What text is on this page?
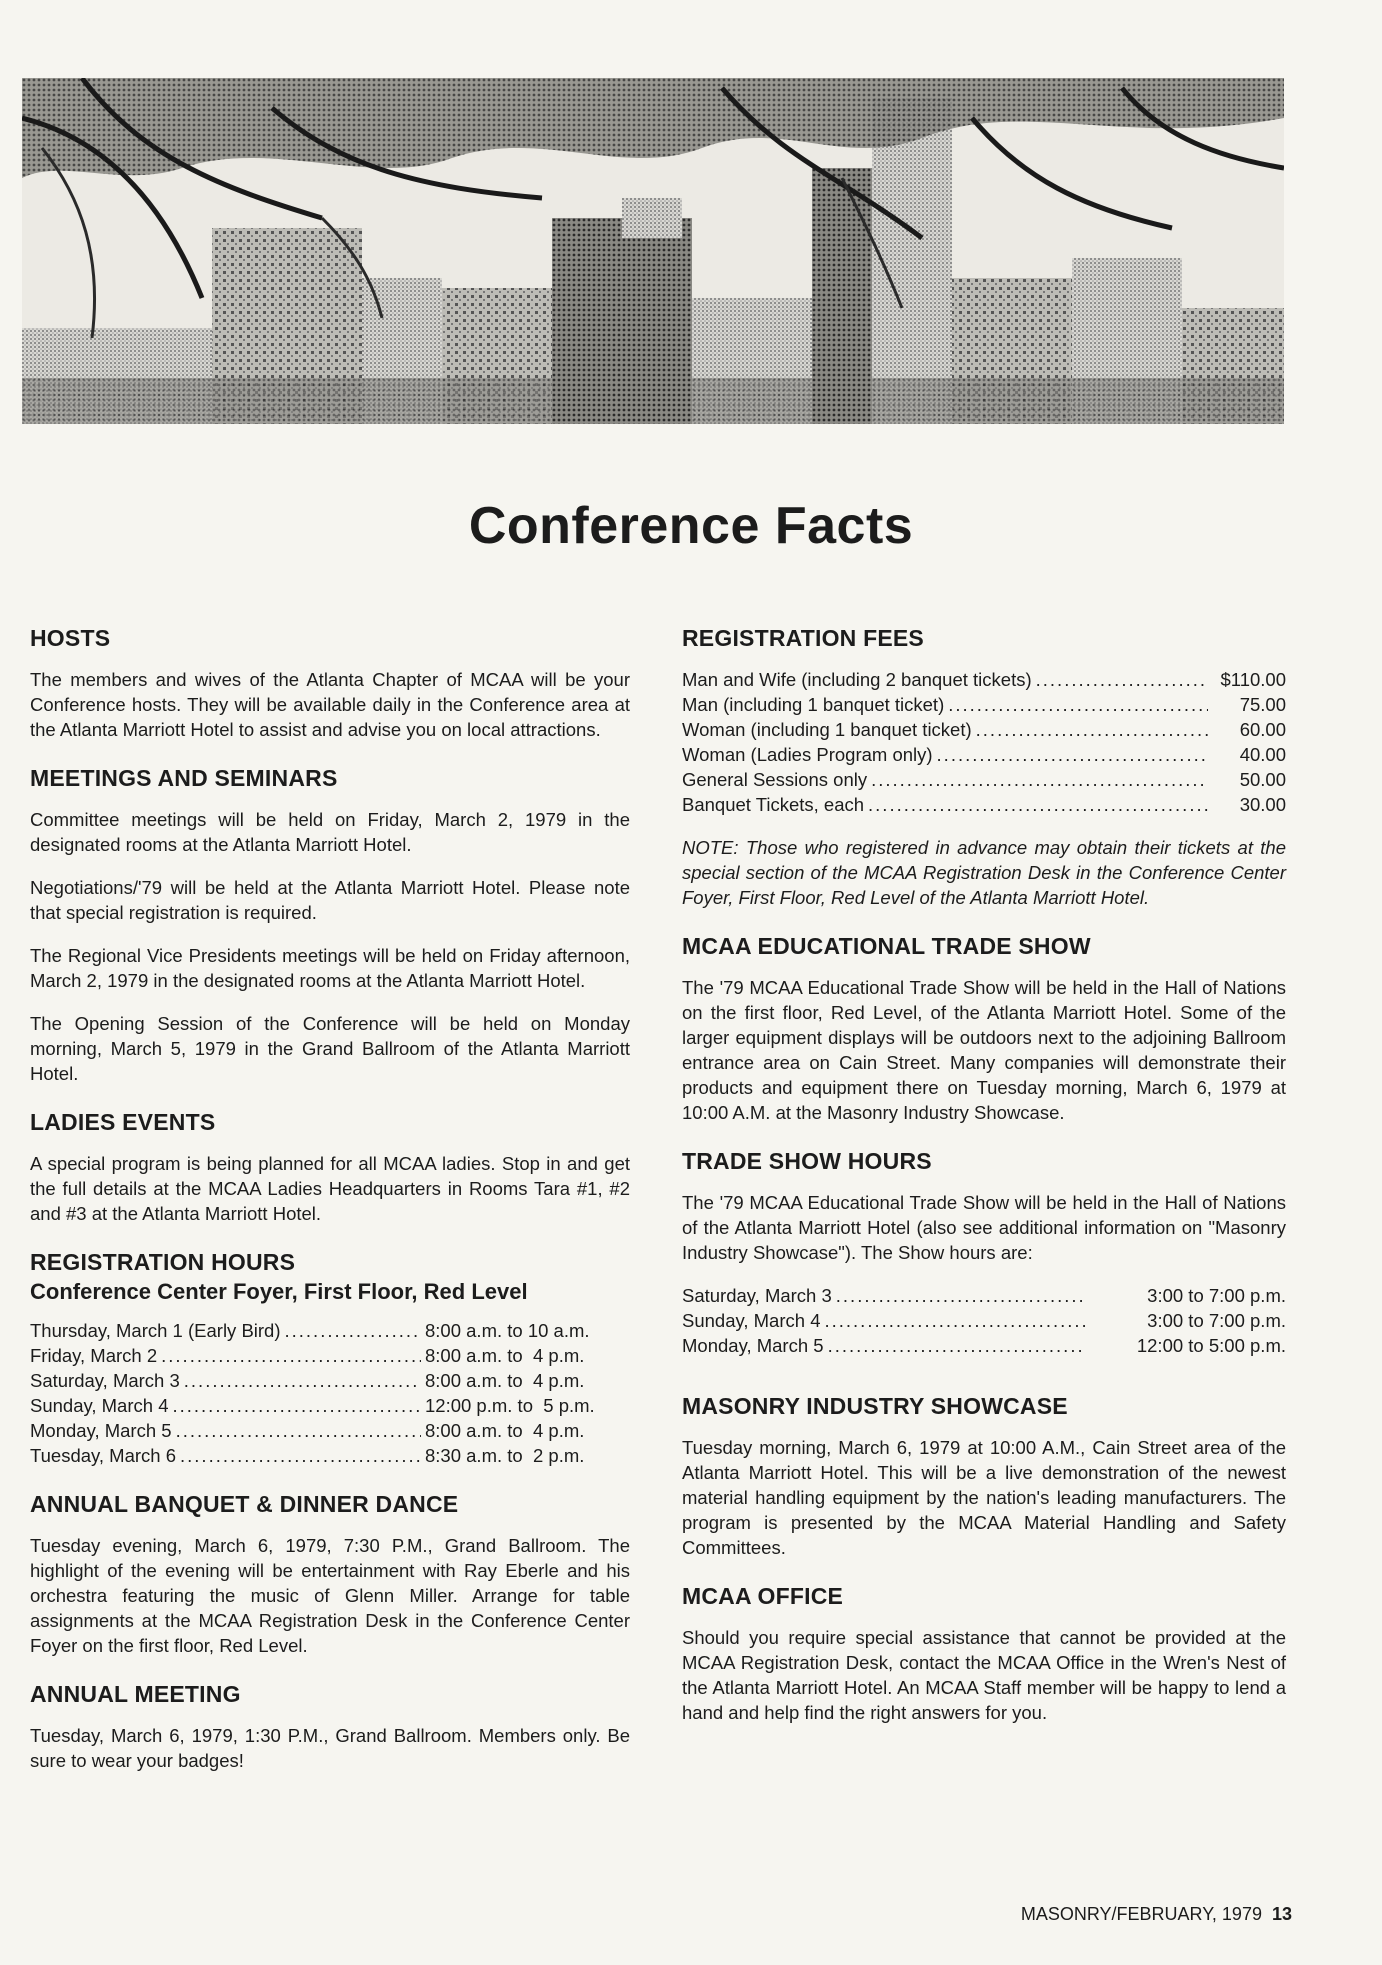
Conference Facts
HOSTS

The members and wives of the Atlanta Chapter of MCAA will be your Conference hosts. They will be available daily in the Conference area at the Atlanta Marriott Hotel to assist and advise you on local attractions.

MEETINGS AND SEMINARS

Committee meetings will be held on Friday, March 2, 1979 in the designated rooms at the Atlanta Marriott Hotel.

Negotiations/'79 will be held at the Atlanta Marriott Hotel. Please note that special registration is required.

The Regional Vice Presidents meetings will be held on Friday afternoon, March 2, 1979 in the designated rooms at the Atlanta Marriott Hotel.

The Opening Session of the Conference will be held on Monday morning, March 5, 1979 in the Grand Ballroom of the Atlanta Marriott Hotel.

LADIES EVENTS

A special program is being planned for all MCAA ladies. Stop in and get the full details at the MCAA Ladies Headquarters in Rooms Tara #1, #2 and #3 at the Atlanta Marriott Hotel.

REGISTRATION HOURS
Conference Center Foyer, First Floor, Red Level
Thursday, March 1 (Early Bird) .....	8:00 a.m. to 10 a.m.
Friday, March 2 .....	8:00 a.m. to  4 p.m.
Saturday, March 3 .....	8:00 a.m. to  4 p.m.
Sunday, March 4 .....	12:00 p.m. to  5 p.m.
Monday, March 5 .....	8:00 a.m. to  4 p.m.
Tuesday, March 6 .....	8:30 a.m. to  2 p.m.
ANNUAL BANQUET & DINNER DANCE

Tuesday evening, March 6, 1979, 7:30 P.M., Grand Ballroom. The highlight of the evening will be entertainment with Ray Eberle and his orchestra featuring the music of Glenn Miller. Arrange for table assignments at the MCAA Registration Desk in the Conference Center Foyer on the first floor, Red Level.

ANNUAL MEETING

Tuesday, March 6, 1979, 1:30 P.M., Grand Ballroom. Members only. Be sure to wear your badges!

REGISTRATION FEES
Man and Wife (including 2 banquet tickets) .....	$110.00
Man (including 1 banquet ticket) .....	75.00
Woman (including 1 banquet ticket) .....	60.00
Woman (Ladies Program only) .....	40.00
General Sessions only .....	50.00
Banquet Tickets, each .....	30.00

NOTE: Those who registered in advance may obtain their tickets at the special section of the MCAA Registration Desk in the Conference Center Foyer, First Floor, Red Level of the Atlanta Marriott Hotel.

MCAA EDUCATIONAL TRADE SHOW

The '79 MCAA Educational Trade Show will be held in the Hall of Nations on the first floor, Red Level, of the Atlanta Marriott Hotel. Some of the larger equipment displays will be outdoors next to the adjoining Ballroom entrance area on Cain Street. Many companies will demonstrate their products and equipment there on Tuesday morning, March 6, 1979 at 10:00 A.M. at the Masonry Industry Showcase.

TRADE SHOW HOURS

The '79 MCAA Educational Trade Show will be held in the Hall of Nations of the Atlanta Marriott Hotel (also see additional information on "Masonry Industry Showcase"). The Show hours are:

Saturday, March 3 .....	3:00 to 7:00 p.m.
Sunday, March 4 .....	3:00 to 7:00 p.m.
Monday, March 5 .....	12:00 to 5:00 p.m.
MASONRY INDUSTRY SHOWCASE

Tuesday morning, March 6, 1979 at 10:00 A.M., Cain Street area of the Atlanta Marriott Hotel. This will be a live demonstration of the newest material handling equipment by the nation's leading manufacturers. The program is presented by the MCAA Material Handling and Safety Committees.

MCAA OFFICE

Should you require special assistance that cannot be provided at the MCAA Registration Desk, contact the MCAA Office in the Wren's Nest of the Atlanta Marriott Hotel. An MCAA Staff member will be happy to lend a hand and help find the right answers for you.

MASONRY/FEBRUARY, 1979 13
